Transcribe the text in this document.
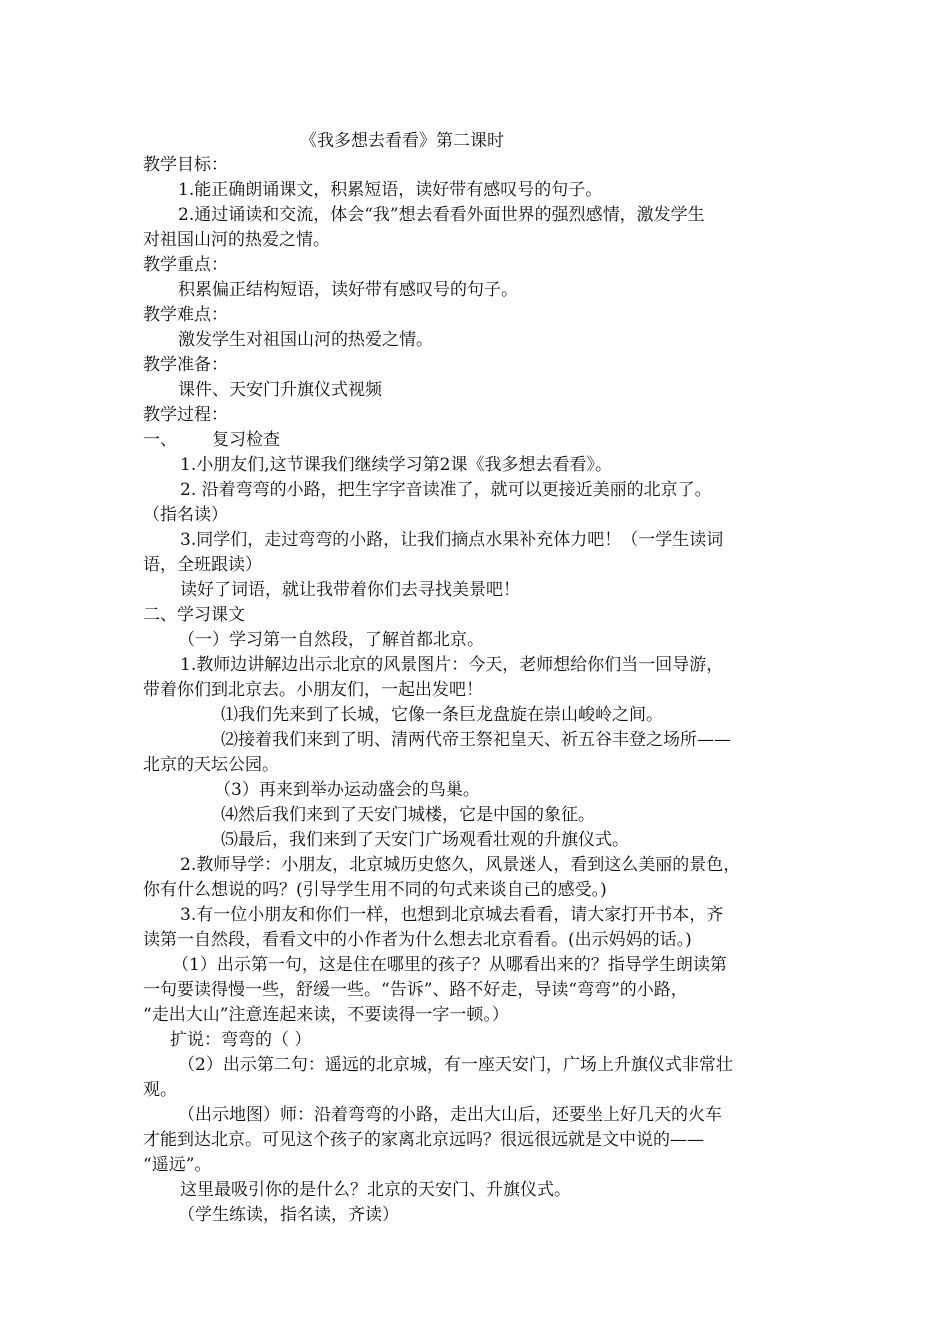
《我多想去看看》第二课时
教学目标：
1.能正确朗诵课文，积累短语，读好带有感叹号的句子。
2.通过诵读和交流，体会“我”想去看看外面世界的强烈感情，激发学生
对祖国山河的热爱之情。
教学重点：
积累偏正结构短语，读好带有感叹号的句子。
教学难点：
激发学生对祖国山河的热爱之情。
教学准备：
课件、天安门升旗仪式视频
教学过程：
一、 复习检查
1.小朋友们,这节课我们继续学习第2课《我多想去看看》。
2. 沿着弯弯的小路，把生字字音读准了，就可以更接近美丽的北京了。
（指名读）
3.同学们，走过弯弯的小路，让我们摘点水果补充体力吧！（一学生读词
语，全班跟读）
读好了词语，就让我带着你们去寻找美景吧！
二、学习课文
（一）学习第一自然段，了解首都北京。
1.教师边讲解边出示北京的风景图片：今天，老师想给你们当一回导游，
带着你们到北京去。小朋友们，一起出发吧！
⑴我们先来到了长城，它像一条巨龙盘旋在崇山峻岭之间。
⑵接着我们来到了明、清两代帝王祭祀皇天、祈五谷丰登之场所——
北京的天坛公园。
（3）再来到举办运动盛会的鸟巢。
⑷然后我们来到了天安门城楼，它是中国的象征。
⑸最后，我们来到了天安门广场观看壮观的升旗仪式。
2.教师导学：小朋友，北京城历史悠久，风景迷人，看到这么美丽的景色，
你有什么想说的吗？(引导学生用不同的句式来谈自己的感受。)
3.有一位小朋友和你们一样，也想到北京城去看看，请大家打开书本，齐
读第一自然段，看看文中的小作者为什么想去北京看看。(出示妈妈的话。)
（1）出示第一句，这是住在哪里的孩子？从哪看出来的？指导学生朗读第
一句要读得慢一些，舒缓一些。“告诉”、路不好走，导读“弯弯”的小路，
“走出大山”注意连起来读，不要读得一字一顿。）
扩说：弯弯的（ ）
（2）出示第二句：遥远的北京城，有一座天安门，广场上升旗仪式非常壮
观。
（出示地图）师：沿着弯弯的小路，走出大山后，还要坐上好几天的火车
才能到达北京。可见这个孩子的家离北京远吗？很远很远就是文中说的——
“遥远”。
这里最吸引你的是什么？北京的天安门、升旗仪式。
（学生练读，指名读，齐读）
